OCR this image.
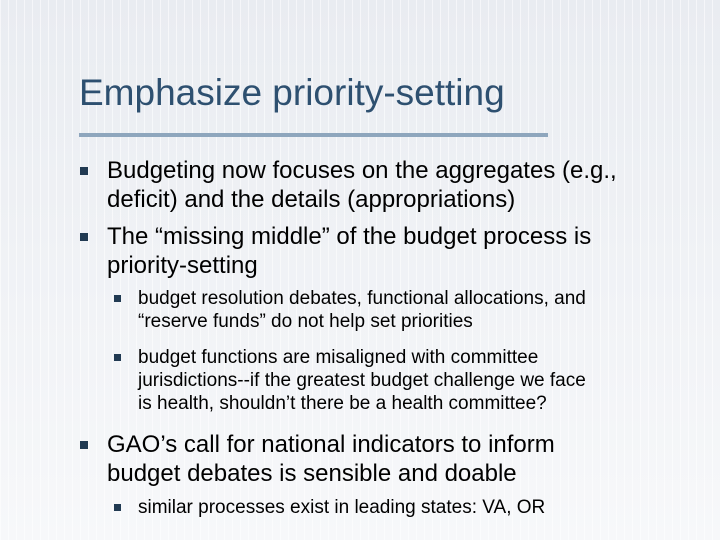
Emphasize priority-setting
Budgeting now focuses on the aggregates (e.g.,
deficit) and the details (appropriations)
The “missing middle” of the budget process is
priority-setting
budget resolution debates, functional allocations, and
“reserve funds” do not help set priorities
budget functions are misaligned with committee
jurisdictions--if the greatest budget challenge we face
is health, shouldn’t there be a health committee?
GAO’s call for national indicators to inform
budget debates is sensible and doable
similar processes exist in leading states: VA, OR
